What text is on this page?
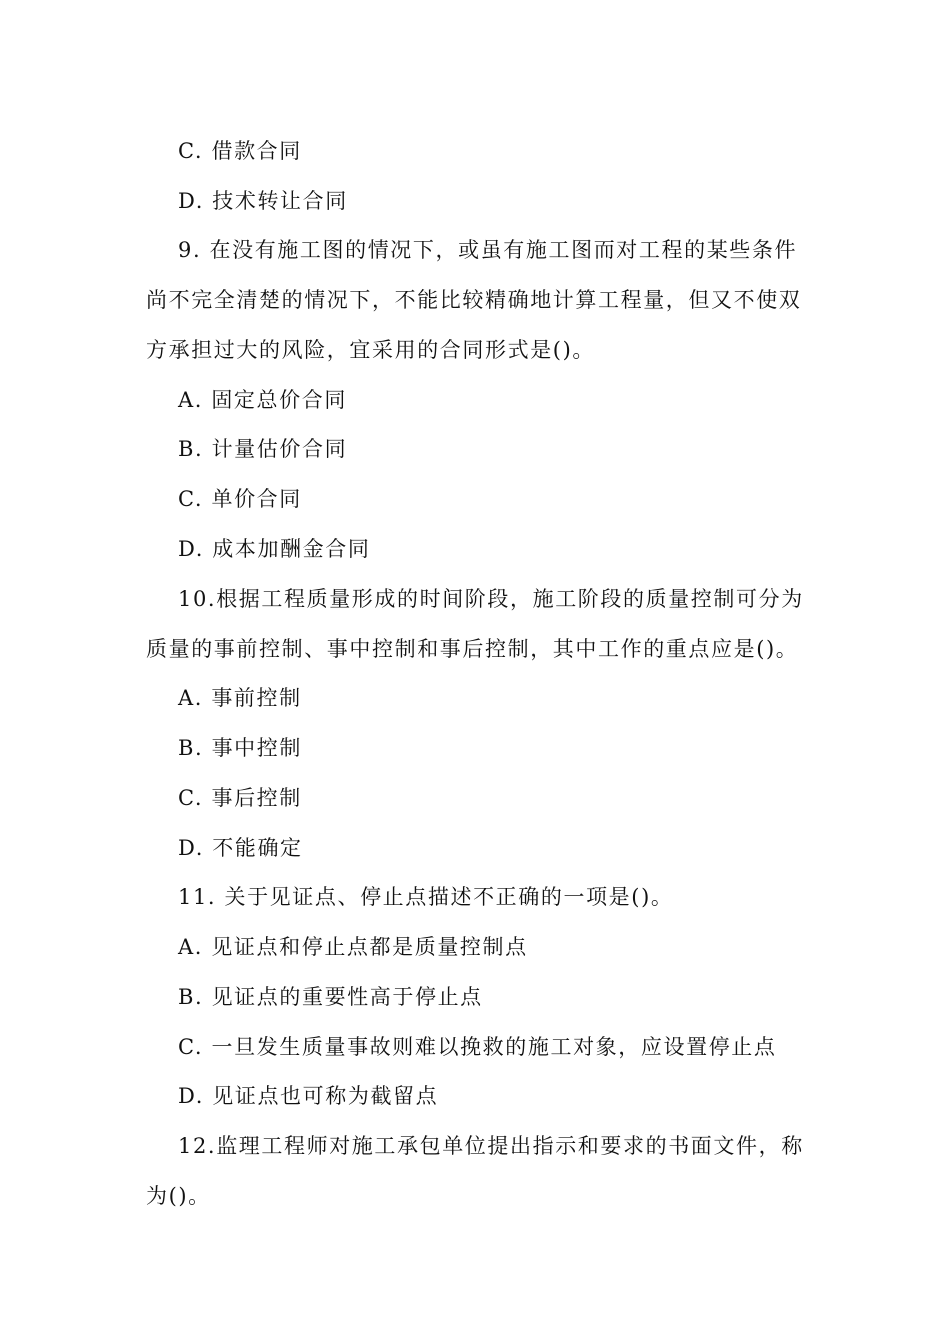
C. 借款合同
D. 技术转让合同
9. 在没有施工图的情况下，或虽有施工图而对工程的某些条件
尚不完全清楚的情况下，不能比较精确地计算工程量，但又不使双
方承担过大的风险，宜采用的合同形式是()。
A. 固定总价合同
B. 计量估价合同
C. 单价合同
D. 成本加酬金合同
10.根据工程质量形成的时间阶段，施工阶段的质量控制可分为
质量的事前控制、事中控制和事后控制，其中工作的重点应是()。
A. 事前控制
B. 事中控制
C. 事后控制
D. 不能确定
11. 关于见证点、停止点描述不正确的一项是()。
A. 见证点和停止点都是质量控制点
B. 见证点的重要性高于停止点
C. 一旦发生质量事故则难以挽救的施工对象，应设置停止点
D. 见证点也可称为截留点
12.监理工程师对施工承包单位提出指示和要求的书面文件，称
为()。
